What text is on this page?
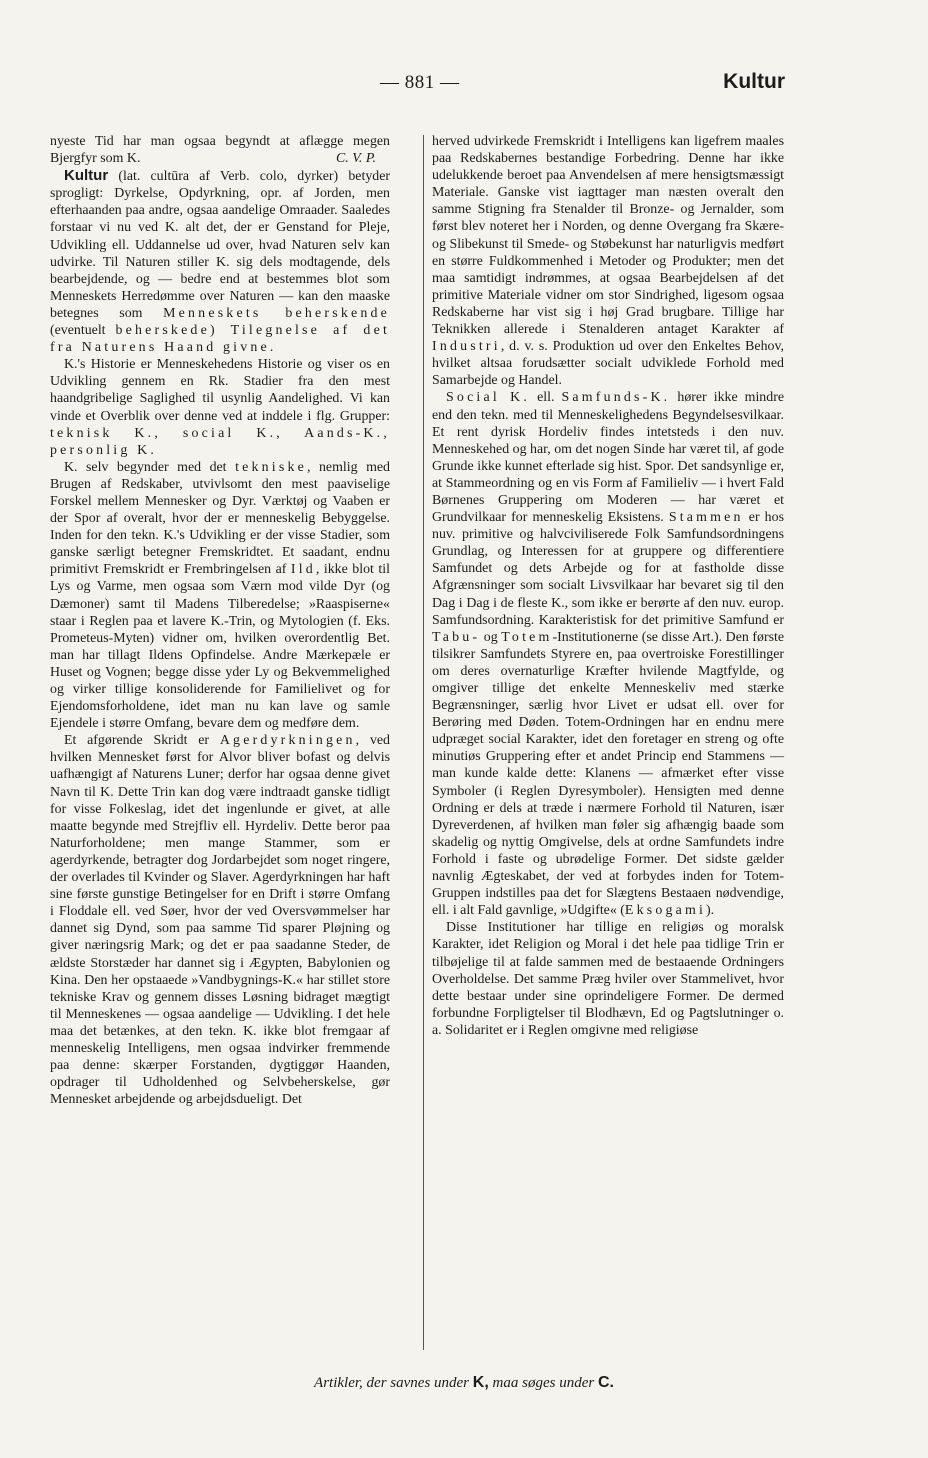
— 881 —	Kultur

nyeste Tid har man ogsaa begyndt at aflægge megen Bjergfyr som K.	C. V. P.

Kultur (lat. cultūra af Verb. colo, dyrker) betyder sprogligt: Dyrkelse, Opdyrkning, opr. af Jorden, men efterhaanden paa andre, ogsaa aandelige Omraader. Saaledes forstaar vi nu ved K. alt det, der er Genstand for Pleje, Udvikling ell. Uddannelse ud over, hvad Naturen selv kan udvirke. Til Naturen stiller K. sig dels modtagende, dels bearbejdende, og — bedre end at bestemmes blot som Menneskets Herredømme over Naturen — kan den maaske betegnes som Menneskets beherskende (eventuelt beherskede) Tilegnelse af det fra Naturens Haand givne.

K.'s Historie er Menneskehedens Historie og viser os en Udvikling gennem en Rk. Stadier fra den mest haandgribelige Saglighed til usynlig Aandelighed. Vi kan vinde et Overblik over denne ved at inddele i flg. Grupper: teknisk K., social K., Aands-K., personlig K.

K. selv begynder med det tekniske, nemlig med Brugen af Redskaber, utvivlsomt den mest paaviselige Forskel mellem Mennesker og Dyr. Værktøj og Vaaben er der Spor af overalt, hvor der er menneskelig Bebyggelse. Inden for den tekn. K.'s Udvikling er der visse Stadier, som ganske særligt betegner Fremskridtet. Et saadant, endnu primitivt Fremskridt er Frembringelsen af Ild, ikke blot til Lys og Varme, men ogsaa som Værn mod vilde Dyr (og Dæmoner) samt til Madens Tilberedelse; »Raaspiserne« staar i Reglen paa et lavere K.-Trin, og Mytologien (f. Eks. Prometeus-Myten) vidner om, hvilken overordentlig Bet. man har tillagt Ildens Opfindelse. Andre Mærkepæle er Huset og Vognen; begge disse yder Ly og Bekvemmelighed og virker tillige konsoliderende for Familielivet og for Ejendomsforholdene, idet man nu kan lave og samle Ejendele i større Omfang, bevare dem og medføre dem.

Et afgørende Skridt er Agerdyrkningen, ved hvilken Mennesket først for Alvor bliver bofast og delvis uafhængigt af Naturens Luner; derfor har ogsaa denne givet Navn til K. Dette Trin kan dog være indtraadt ganske tidligt for visse Folkeslag, idet det ingenlunde er givet, at alle maatte begynde med Strejfliv ell. Hyrdeliv. Dette beror paa Naturforholdene; men mange Stammer, som er agerdyrkende, betragter dog Jordarbejdet som noget ringere, der overlades til Kvinder og Slaver. Agerdyrkningen har haft sine første gunstige Betingelser for en Drift i større Omfang i Floddale ell. ved Søer, hvor der ved Oversvømmelser har dannet sig Dynd, som paa samme Tid sparer Pløjning og giver næringsrig Mark; og det er paa saadanne Steder, de ældste Storstæder har dannet sig i Ægypten, Babylonien og Kina. Den her opstaaede »Vandbygnings-K.« har stillet store tekniske Krav og gennem disses Løsning bidraget mægtigt til Menneskenes — ogsaa aandelige — Udvikling. I det hele maa det betænkes, at den tekn. K. ikke blot fremgaar af menneskelig Intelligens, men ogsaa indvirker fremmende paa denne: skærper Forstanden, dygtiggør Haanden, opdrager til Udholdenhed og Selvbeherskelse, gør Mennesket arbejdende og arbejdsdueligt. Det

herved udvirkede Fremskridt i Intelligens kan ligefrem maales paa Redskabernes bestandige Forbedring. Denne har ikke udelukkende beroet paa Anvendelsen af mere hensigtsmæssigt Materiale. Ganske vist iagttager man næsten overalt den samme Stigning fra Stenalder til Bronze- og Jernalder, som først blev noteret her i Norden, og denne Overgang fra Skære- og Slibekunst til Smede- og Støbekunst har naturligvis medført en større Fuldkommenhed i Metoder og Produkter; men det maa samtidigt indrømmes, at ogsaa Bearbejdelsen af det primitive Materiale vidner om stor Sindrighed, ligesom ogsaa Redskaberne har vist sig i høj Grad brugbare. Tillige har Teknikken allerede i Stenalderen antaget Karakter af Industri, d. v. s. Produktion ud over den Enkeltes Behov, hvilket altsaa forudsætter socialt udviklede Forhold med Samarbejde og Handel.

Social K. ell. Samfunds-K. hører ikke mindre end den tekn. med til Menneskelighedens Begyndelsesvilkaar. Et rent dyrisk Hordeliv findes intetsteds i den nuv. Menneskehed og har, om det nogen Sinde har været til, af gode Grunde ikke kunnet efterlade sig hist. Spor. Det sandsynlige er, at Stammeordning og en vis Form af Familieliv — i hvert Fald Børnenes Gruppering om Moderen — har været et Grundvilkaar for menneskelig Eksistens. Stammen er hos nuv. primitive og halvciviliserede Folk Samfundsordningens Grundlag, og Interessen for at gruppere og differentiere Samfundet og dets Arbejde og for at fastholde disse Afgrænsninger som socialt Livsvilkaar har bevaret sig til den Dag i Dag i de fleste K., som ikke er berørte af den nuv. europ. Samfundsordning. Karakteristisk for det primitive Samfund er Tabu- og Totem-Institutionerne (se disse Art.). Den første tilsikrer Samfundets Styrere en, paa overtroiske Forestillinger om deres overnaturlige Kræfter hvilende Magtfylde, og omgiver tillige det enkelte Menneskeliv med stærke Begrænsninger, særlig hvor Livet er udsat ell. over for Berøring med Døden. Totem-Ordningen har en endnu mere udpræget social Karakter, idet den foretager en streng og ofte minutiøs Gruppering efter et andet Princip end Stammens — man kunde kalde dette: Klanens — afmærket efter visse Symboler (i Reglen Dyresymboler). Hensigten med denne Ordning er dels at træde i nærmere Forhold til Naturen, især Dyreverdenen, af hvilken man føler sig afhængig baade som skadelig og nyttig Omgivelse, dels at ordne Samfundets indre Forhold i faste og ubrødelige Former. Det sidste gælder navnlig Ægteskabet, der ved at forbydes inden for Totem-Gruppen indstilles paa det for Slægtens Bestaaen nødvendige, ell. i alt Fald gavnlige, »Udgifte« (Eksogami).

Disse Institutioner har tillige en religiøs og moralsk Karakter, idet Religion og Moral i det hele paa tidlige Trin er tilbøjelige til at falde sammen med de bestaaende Ordningers Overholdelse. Det samme Præg hviler over Stammelivet, hvor dette bestaar under sine oprindeligere Former. De dermed forbundne Forpligtelser til Blodhævn, Ed og Pagtslutninger o. a. Solidaritet er i Reglen omgivne med religiøse

Artikler, der savnes under K, maa søges under C.
